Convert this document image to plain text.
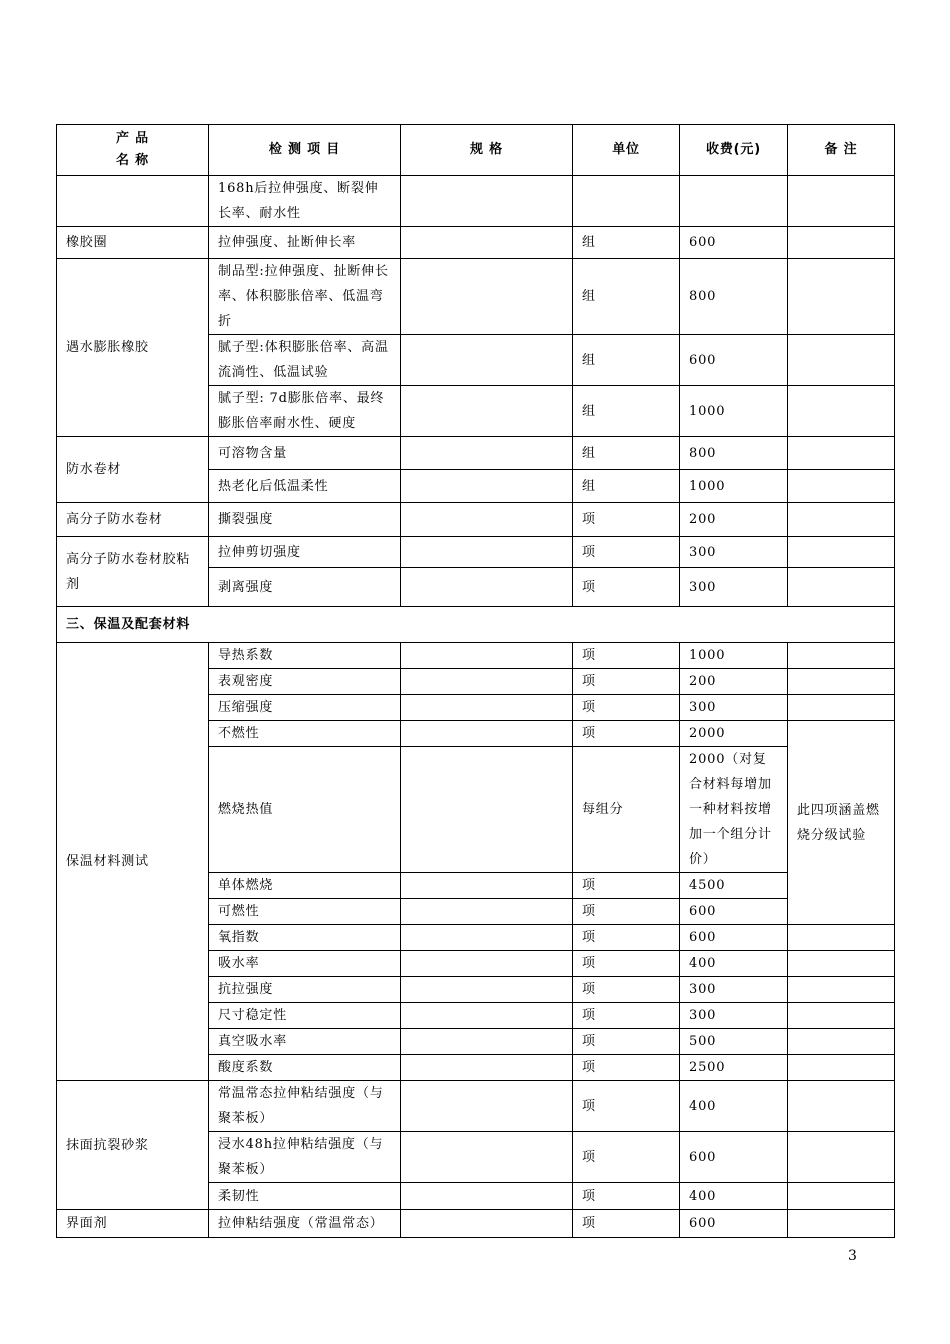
产 品
名 称	检 测 项 目	规 格	单位	收费(元)	备 注
	168h后拉伸强度、断裂伸长率、耐水性				
橡胶圈	拉伸强度、扯断伸长率		组	600	
遇水膨胀橡胶	制品型:拉伸强度、扯断伸长率、体积膨胀倍率、低温弯折		组	800	
	腻子型:体积膨胀倍率、高温流淌性、低温试验		组	600	
	腻子型: 7d膨胀倍率、最终膨胀倍率耐水性、硬度		组	1000	
防水卷材	可溶物含量		组	800	
	热老化后低温柔性		组	1000	
高分子防水卷材	撕裂强度		项	200	
高分子防水卷材胶粘剂	拉伸剪切强度		项	300	
	剥离强度		项	300	
三、保温及配套材料					
保温材料测试	导热系数		项	1000	
	表观密度		项	200	
	压缩强度		项	300	
	不燃性		项	2000	此四项涵盖燃烧分级试验
	燃烧热值		每组分	2000（对复合材料每增加一种材料按增加一个组分计价）	
	单体燃烧		项	4500	
	可燃性		项	600	
	氧指数		项	600	
	吸水率		项	400	
	抗拉强度		项	300	
	尺寸稳定性		项	300	
	真空吸水率		项	500	
	酸度系数		项	2500	
抹面抗裂砂浆	常温常态拉伸粘结强度（与聚苯板）		项	400	
	浸水48h拉伸粘结强度（与聚苯板）		项	600	
	柔韧性		项	400	
界面剂	拉伸粘结强度（常温常态）		项	600	
3
